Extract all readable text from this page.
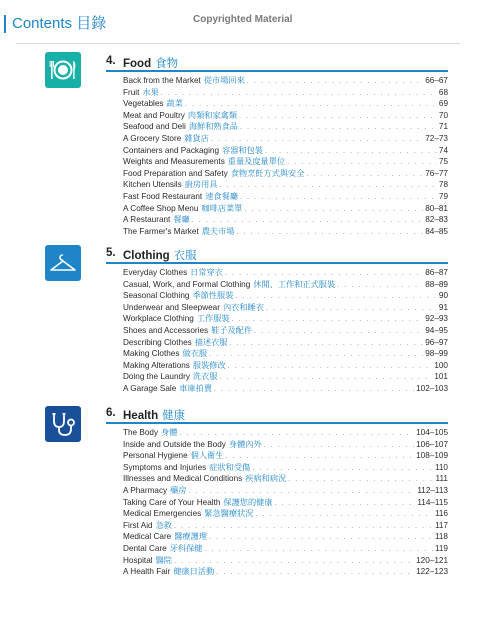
Contents 目錄	Copyrighted Material
4. Food 食物
Back from the Market 從市場回來 . . .	66–67
Fruit 水果 . . .	68
Vegetables 蔬菜 . . .	69
Meat and Poultry 肉類和家禽類 . . .	70
Seafood and Deli 海鮮和熟食品 . . .	71
A Grocery Store 雜貨店 . . .	72–73
Containers and Packaging 容器和包裝 . . .	74
Weights and Measurements 重量及度量單位 . . .	75
Food Preparation and Safety 食物烹飪方式與安全 . . .	76–77
Kitchen Utensils 廚房用具 . . .	78
Fast Food Restaurant 速食餐廳 . . .	79
A Coffee Shop Menu 咖啡店菜單 . . .	80–81
A Restaurant 餐廳 . . .	82–83
The Farmer's Market 農夫市場 . . .	84–85
5. Clothing 衣服
Everyday Clothes 日常穿衣 . . .	86–87
Casual, Work, and Formal Clothing 休閒、工作和正式服裝 . . .	88–89
Seasonal Clothing 季節性服裝 . . .	90
Underwear and Sleepwear 內衣和睡衣 . . .	91
Workplace Clothing 工作服裝 . . .	92–93
Shoes and Accessories 鞋子及配件 . . .	94–95
Describing Clothes 描述衣服 . . .	96–97
Making Clothes 做衣服 . . .	98–99
Making Alterations 服裝修改 . . .	100
Doing the Laundry 洗衣服 . . .	101
A Garage Sale 車庫拍賣 . . .	102–103
6. Health 健康
The Body 身體 . . .	104–105
Inside and Outside the Body 身體內外 . . .	106–107
Personal Hygiene 個人衛生 . . .	108–109
Symptoms and Injuries 症狀和受傷 . . .	110
Illnesses and Medical Conditions 疾病和病況 . . .	111
A Pharmacy 藥房 . . .	112–113
Taking Care of Your Health 保護您的健康 . . .	114–115
Medical Emergencies 緊急醫療狀況 . . .	116
First Aid 急救 . . .	117
Medical Care 醫療護理 . . .	118
Dental Care 牙科保健 . . .	119
Hospital 醫院 . . .	120–121
A Health Fair 健康日活動 . . .	122–123
